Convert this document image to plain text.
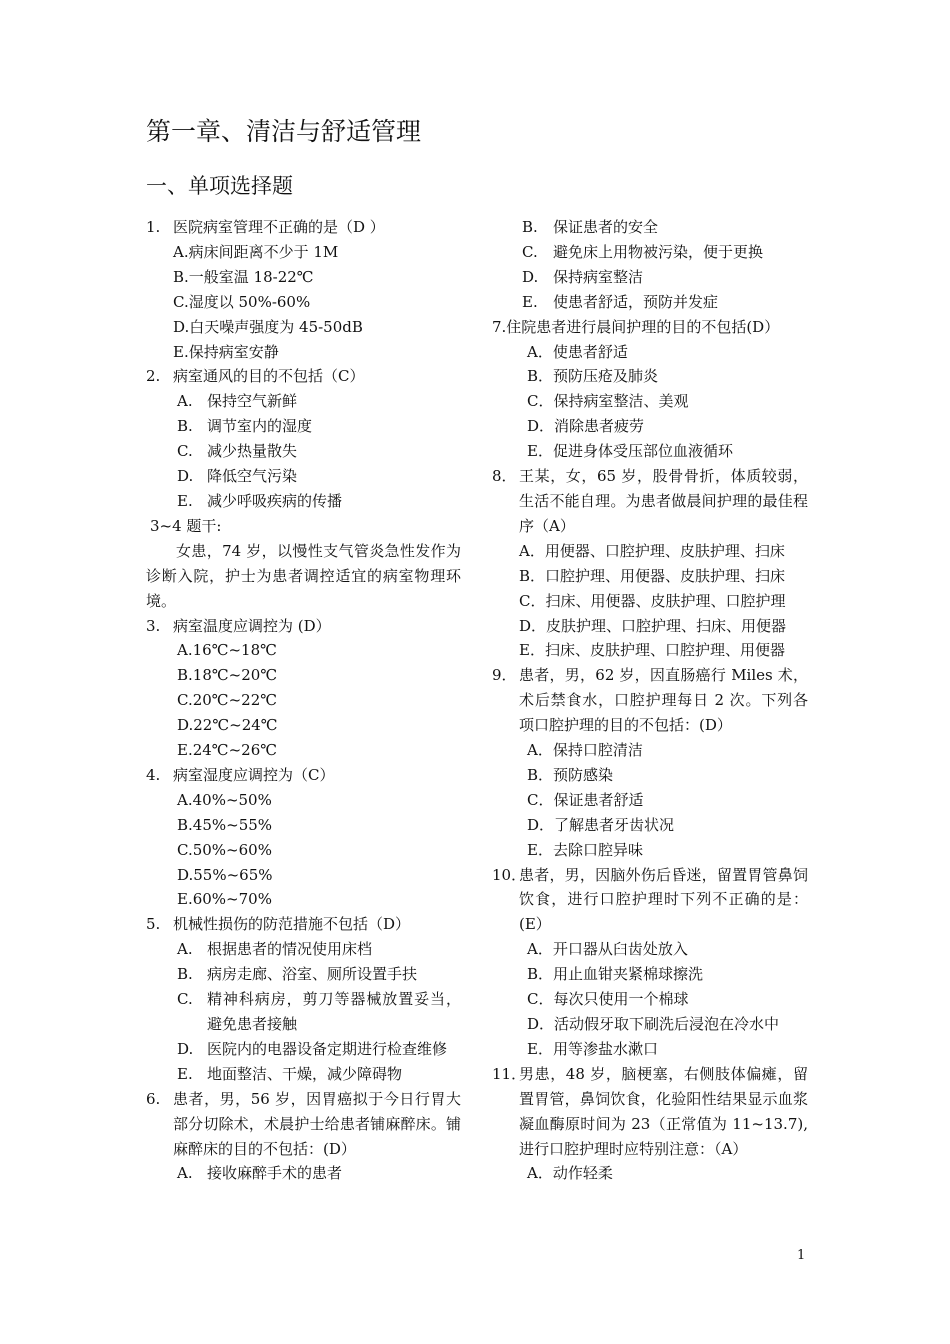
第一章、清洁与舒适管理
一、单项选择题
1. 医院病室管理不正确的是（D ）
A.病床间距离不少于 1M
B.一般室温 18-22℃
C.湿度以 50%-60%
D.白天噪声强度为 45-50dB
E.保持病室安静
2. 病室通风的目的不包括（C）
A. 保持空气新鲜
B. 调节室内的湿度
C. 减少热量散失
D. 降低空气污染
E. 减少呼吸疾病的传播
3~4 题干:
女患，74 岁，以慢性支气管炎急性发作为诊断入院，护士为患者调控适宜的病室物理环境。
3. 病室温度应调控为 (D）
A.16℃~18℃
B.18℃~20℃
C.20℃~22℃
D.22℃~24℃
E.24℃~26℃
4. 病室湿度应调控为（C）
A.40%~50%
B.45%~55%
C.50%~60%
D.55%~65%
E.60%~70%
5. 机械性损伤的防范措施不包括（D）
A. 根据患者的情况使用床档
B. 病房走廊、浴室、厕所设置手扶
C. 精神科病房，剪刀等器械放置妥当，避免患者接触
D. 医院内的电器设备定期进行检查维修
E. 地面整洁、干燥，减少障碍物
6. 患者，男，56 岁，因胃癌拟于今日行胃大部分切除术，术晨护士给患者铺麻醉床。铺麻醉床的目的不包括：(D）
A. 接收麻醉手术的患者
B. 保证患者的安全
C. 避免床上用物被污染，便于更换
D. 保持病室整洁
E. 使患者舒适，预防并发症
7.住院患者进行晨间护理的目的不包括(D）
A．使患者舒适
B．预防压疮及肺炎
C．保持病室整洁、美观
D．消除患者疲劳
E．促进身体受压部位血液循环
8． 王某，女，65 岁，股骨骨折，体质较弱，生活不能自理。为患者做晨间护理的最佳程序（A）
A．用便器、口腔护理、皮肤护理、扫床
B．口腔护理、用便器、皮肤护理、扫床
C．扫床、用便器、皮肤护理、口腔护理
D．皮肤护理、口腔护理、扫床、用便器
E．扫床、皮肤护理、口腔护理、用便器
9． 患者，男，62 岁，因直肠癌行 Miles 术，术后禁食水，口腔护理每日 2 次。下列各项口腔护理的目的不包括：(D）
A．保持口腔清洁
B．预防感染
C．保证患者舒适
D．了解患者牙齿状况
E．去除口腔异味
10．
患者，男，因脑外伤后昏迷，留置胃管鼻饲饮食，进行口腔护理时下列不正确的是：(E）
A．开口器从臼齿处放入
B．用止血钳夹紧棉球擦洗
C．每次只使用一个棉球
D．活动假牙取下刷洗后浸泡在冷水中
E．用等渗盐水漱口
11．
男患，48 岁，脑梗塞，右侧肢体偏瘫，留置胃管，鼻饲饮食，化验阳性结果显示血浆凝血酶原时间为 23（正常值为 11~13.7),进行口腔护理时应特别注意：（A）
A．动作轻柔
1
